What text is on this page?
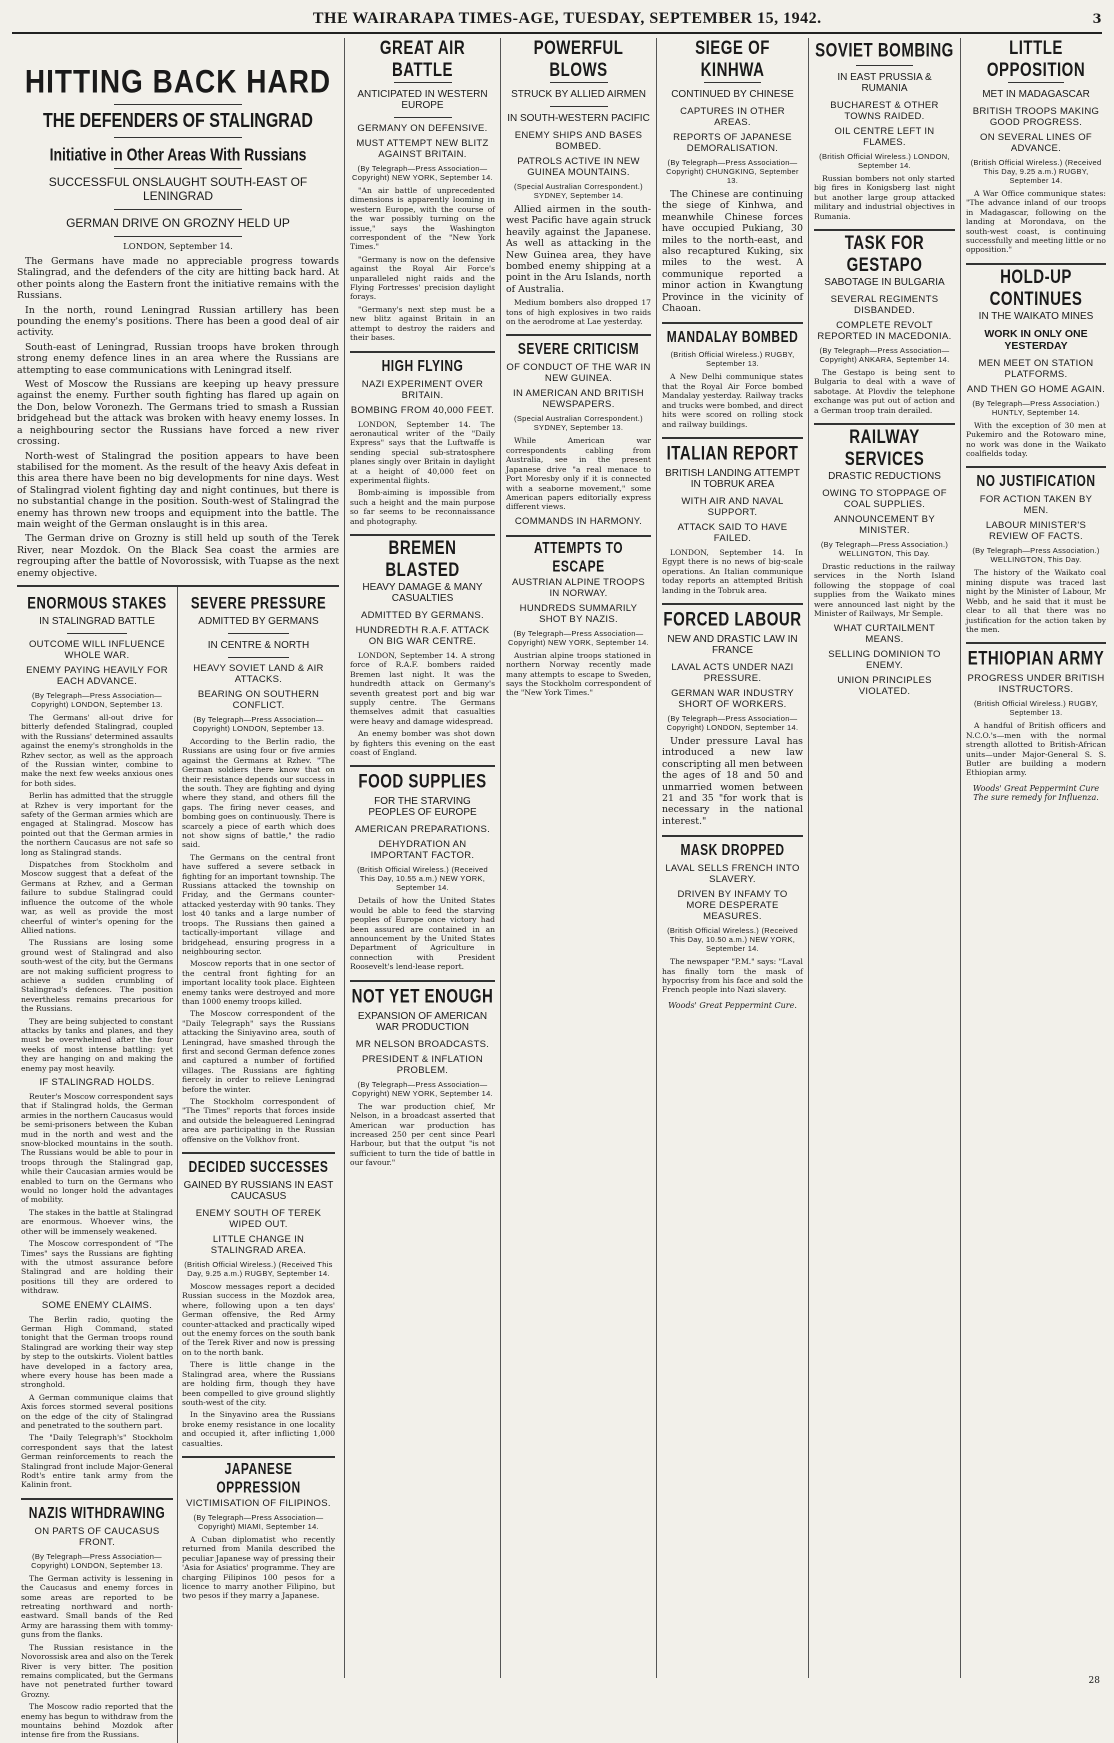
THE WAIRARAPA TIMES-AGE, TUESDAY, SEPTEMBER 15, 1942.	3
HITTING BACK HARD
THE DEFENDERS OF STALINGRAD
Initiative in Other Areas With Russians
SUCCESSFUL ONSLAUGHT SOUTH-EAST OF LENINGRAD
GERMAN DRIVE ON GROZNY HELD UP
LONDON, September 14.

The Germans have made no appreciable progress towards Stalingrad, and the defenders of the city are hitting back hard. At other points along the Eastern front the initiative remains with the Russians.

In the north, round Leningrad Russian artillery has been pounding the enemy's positions. There has been a good deal of air activity.

South-east of Leningrad, Russian troops have broken through strong enemy defence lines in an area where the Russians are attempting to ease communications with Leningrad itself.

West of Moscow the Russians are keeping up heavy pressure against the enemy. Further south fighting has flared up again on the Don, below Voronezh. The Germans tried to smash a Russian bridgehead but the attack was broken with heavy enemy losses. In a neighbouring sector the Russians have forced a new river crossing.

North-west of Stalingrad the position appears to have been stabilised for the moment. As the result of the heavy Axis defeat in this area there have been no big developments for nine days. West of Stalingrad violent fighting day and night continues, but there is no substantial change in the position. South-west of Stalingrad the enemy has thrown new troops and equipment into the battle. The main weight of the German onslaught is in this area.

The German drive on Grozny is still held up south of the Terek River, near Mozdok. On the Black Sea coast the armies are regrouping after the battle of Novorossisk, with Tuapse as the next enemy objective.

ENORMOUS STAKES
IN STALINGRAD BATTLE
OUTCOME WILL INFLUENCE WHOLE WAR.
ENEMY PAYING HEAVILY FOR EACH ADVANCE.
(By Telegraph—Press Association—Copyright) LONDON, September 13.

The Germans' all-out drive for bitterly defended Stalingrad, coupled with the Russians' determined assaults against the enemy's strongholds in the Rzhev sector, as well as the approach of the Russian winter, combine to make the next few weeks anxious ones for both sides.

Berlin has admitted that the struggle at Rzhev is very important for the safety of the German armies which are engaged at Stalingrad. Moscow has pointed out that the German armies in the northern Caucasus are not safe so long as Stalingrad stands.

Dispatches from Stockholm and Moscow suggest that a defeat of the Germans at Rzhev, and a German failure to subdue Stalingrad could influence the outcome of the whole war, as well as provide the most cheerful of winter's opening for the Allied nations.

The Russians are losing some ground west of Stalingrad and also south-west of the city, but the Germans are not making sufficient progress to achieve a sudden crumbling of Stalingrad's defences. The position nevertheless remains precarious for the Russians.

They are being subjected to constant attacks by tanks and planes, and they must be overwhelmed after the four weeks of most intense battling: yet they are hanging on and making the enemy pay most heavily.

IF STALINGRAD HOLDS.

Reuter's Moscow correspondent says that if Stalingrad holds, the German armies in the northern Caucasus would be semi-prisoners between the Kuban mud in the north and west and the snow-blocked mountains in the south. The Russians would be able to pour in troops through the Stalingrad gap, while their Caucasian armies would be enabled to turn on the Germans who would no longer hold the advantages of mobility.

The stakes in the battle at Stalingrad are enormous. Whoever wins, the other will be immensely weakened.

The Moscow correspondent of "The Times" says the Russians are fighting with the utmost assurance before Stalingrad and are holding their positions till they are ordered to withdraw.

SOME ENEMY CLAIMS.

The Berlin radio, quoting the German High Command, stated tonight that the German troops round Stalingrad are working their way step by step to the outskirts. Violent battles have developed in a factory area, where every house has been made a stronghold.

A German communique claims that Axis forces stormed several positions on the edge of the city of Stalingrad and penetrated to the southern part.

The "Daily Telegraph's" Stockholm correspondent says that the latest German reinforcements to reach the Stalingrad front include Major-General Rodt's entire tank army from the Kalinin front.

NAZIS WITHDRAWING
ON PARTS OF CAUCASUS FRONT.
(By Telegraph—Press Association—Copyright) LONDON, September 13.

The German activity is lessening in the Caucasus and enemy forces in some areas are reported to be retreating northward and north-eastward. Small bands of the Red Army are harassing them with tommy-guns from the flanks.

The Russian resistance in the Novorossisk area and also on the Terek River is very bitter. The position remains complicated, but the Germans have not penetrated further toward Grozny.

The Moscow radio reported that the enemy has begun to withdraw from the mountains behind Mozdok after intense fire from the Russians.

SEVERE PRESSURE
ADMITTED BY GERMANS
IN CENTRE & NORTH
HEAVY SOVIET LAND & AIR ATTACKS.
BEARING ON SOUTHERN CONFLICT.
(By Telegraph—Press Association—Copyright) LONDON, September 13.

According to the Berlin radio, the Russians are using four or five armies against the Germans at Rzhev. "The German soldiers there know that on their resistance depends our success in the south. They are fighting and dying where they stand, and others fill the gaps. The firing never ceases, and bombing goes on continuously. There is scarcely a piece of earth which does not show signs of battle," the radio said.

The Germans on the central front have suffered a severe setback in fighting for an important township. The Russians attacked the township on Friday, and the Germans counter-attacked yesterday with 90 tanks. They lost 40 tanks and a large number of troops. The Russians then gained a tactically-important village and bridgehead, ensuring progress in a neighbouring sector.

Moscow reports that in one sector of the central front fighting for an important locality took place. Eighteen enemy tanks were destroyed and more than 1000 enemy troops killed.

The Moscow correspondent of the "Daily Telegraph" says the Russians attacking the Siniyavino area, south of Leningrad, have smashed through the first and second German defence zones and captured a number of fortified villages. The Russians are fighting fiercely in order to relieve Leningrad before the winter.

The Stockholm correspondent of "The Times" reports that forces inside and outside the beleaguered Leningrad area are participating in the Russian offensive on the Volkhov front.

DECIDED SUCCESSES
GAINED BY RUSSIANS IN EAST CAUCASUS
ENEMY SOUTH OF TEREK WIPED OUT.
LITTLE CHANGE IN STALINGRAD AREA.
(British Official Wireless.) (Received This Day, 9.25 a.m.) RUGBY, September 14.

Moscow messages report a decided Russian success in the Mozdok area, where, following upon a ten days' German offensive, the Red Army counter-attacked and practically wiped out the enemy forces on the south bank of the Terek River and now is pressing on to the north bank.

There is little change in the Stalingrad area, where the Russians are holding firm, though they have been compelled to give ground slightly south-west of the city.

In the Sinyavino area the Russians broke enemy resistance in one locality and occupied it, after inflicting 1,000 casualties.

JAPANESE OPPRESSION
VICTIMISATION OF FILIPINOS.
(By Telegraph—Press Association—Copyright) MIAMI, September 14.

A Cuban diplomatist who recently returned from Manila described the peculiar Japanese way of pressing their 'Asia for Asiatics' programme. They are charging Filipinos 100 pesos for a licence to marry another Filipino, but two pesos if they marry a Japanese.

GREAT AIR BATTLE
ANTICIPATED IN WESTERN EUROPE
GERMANY ON DEFENSIVE.
MUST ATTEMPT NEW BLITZ AGAINST BRITAIN.
(By Telegraph—Press Association—Copyright) NEW YORK, September 14.

"An air battle of unprecedented dimensions is apparently looming in western Europe, with the course of the war possibly turning on the issue," says the Washington correspondent of the "New York Times."

"Germany is now on the defensive against the Royal Air Force's unparalleled night raids and the Flying Fortresses' precision daylight forays.

"Germany's next step must be a new blitz against Britain in an attempt to destroy the raiders and their bases.

HIGH FLYING
NAZI EXPERIMENT OVER BRITAIN.
BOMBING FROM 40,000 FEET.

LONDON, September 14. The aeronautical writer of the "Daily Express" says that the Luftwaffe is sending special sub-stratosphere planes singly over Britain in daylight at a height of 40,000 feet on experimental flights.

Bomb-aiming is impossible from such a height and the main purpose so far seems to be reconnaissance and photography.

BREMEN BLASTED
HEAVY DAMAGE & MANY CASUALTIES
ADMITTED BY GERMANS.
HUNDREDTH R.A.F. ATTACK ON BIG WAR CENTRE.

LONDON, September 14. A strong force of R.A.F. bombers raided Bremen last night. It was the hundredth attack on Germany's seventh greatest port and big war supply centre. The Germans themselves admit that casualties were heavy and damage widespread.

An enemy bomber was shot down by fighters this evening on the east coast of England.

FOOD SUPPLIES
FOR THE STARVING PEOPLES OF EUROPE
AMERICAN PREPARATIONS.
DEHYDRATION AN IMPORTANT FACTOR.
(British Official Wireless.) (Received This Day, 10.55 a.m.) NEW YORK, September 14.

Details of how the United States would be able to feed the starving peoples of Europe once victory had been assured are contained in an announcement by the United States Department of Agriculture in connection with President Roosevelt's lend-lease report.

NOT YET ENOUGH
EXPANSION OF AMERICAN WAR PRODUCTION
MR NELSON BROADCASTS.
PRESIDENT & INFLATION PROBLEM.
(By Telegraph—Press Association—Copyright) NEW YORK, September 14.

The war production chief, Mr Nelson, in a broadcast asserted that American war production has increased 250 per cent since Pearl Harbour, but that the output "is not sufficient to turn the tide of battle in our favour."

POWERFUL BLOWS
STRUCK BY ALLIED AIRMEN
IN SOUTH-WESTERN PACIFIC
ENEMY SHIPS AND BASES BOMBED.
PATROLS ACTIVE IN NEW GUINEA MOUNTAINS.
(Special Australian Correspondent.) SYDNEY, September 14.

Allied airmen in the south-west Pacific have again struck heavily against the Japanese. As well as attacking in the New Guinea area, they have bombed enemy shipping at a point in the Aru Islands, north of Australia.

Medium bombers also dropped 17 tons of high explosives in two raids on the aerodrome at Lae yesterday.

SEVERE CRITICISM
OF CONDUCT OF THE WAR IN NEW GUINEA.
IN AMERICAN AND BRITISH NEWSPAPERS.
(Special Australian Correspondent.) SYDNEY, September 13.

While American war correspondents cabling from Australia, see in the present Japanese drive "a real menace to Port Moresby only if it is connected with a seaborne movement," some American papers editorially express different views.

COMMANDS IN HARMONY.
ATTEMPTS TO ESCAPE
AUSTRIAN ALPINE TROOPS IN NORWAY.
HUNDREDS SUMMARILY SHOT BY NAZIS.
(By Telegraph—Press Association—Copyright) NEW YORK, September 14.

Austrian alpine troops stationed in northern Norway recently made many attempts to escape to Sweden, says the Stockholm correspondent of the "New York Times."

SIEGE OF KINHWA
CONTINUED BY CHINESE
CAPTURES IN OTHER AREAS.
REPORTS OF JAPANESE DEMORALISATION.
(By Telegraph—Press Association—Copyright) CHUNGKING, September 13.

The Chinese are continuing the siege of Kinhwa, and meanwhile Chinese forces have occupied Pukiang, 30 miles to the north-east, and also recaptured Kuking, six miles to the west. A communique reported a minor action in Kwangtung Province in the vicinity of Chaoan.

MANDALAY BOMBED
(British Official Wireless.) RUGBY, September 13.

A New Delhi communique states that the Royal Air Force bombed Mandalay yesterday. Railway tracks and trucks were bombed, and direct hits were scored on rolling stock and railway buildings.

ITALIAN REPORT
BRITISH LANDING ATTEMPT IN TOBRUK AREA
WITH AIR AND NAVAL SUPPORT.
ATTACK SAID TO HAVE FAILED.

LONDON, September 14. In Egypt there is no news of big-scale operations. An Italian communique today reports an attempted British landing in the Tobruk area.

FORCED LABOUR
NEW AND DRASTIC LAW IN FRANCE
LAVAL ACTS UNDER NAZI PRESSURE.
GERMAN WAR INDUSTRY SHORT OF WORKERS.
(By Telegraph—Press Association—Copyright) LONDON, September 14.

Under pressure Laval has introduced a new law conscripting all men between the ages of 18 and 50 and unmarried women between 21 and 35 "for work that is necessary in the national interest."

MASK DROPPED
LAVAL SELLS FRENCH INTO SLAVERY.
DRIVEN BY INFAMY TO MORE DESPERATE MEASURES.
(British Official Wireless.) (Received This Day, 10.50 a.m.) NEW YORK, September 14.

The newspaper "P.M." says: "Laval has finally torn the mask of hypocrisy from his face and sold the French people into Nazi slavery.

Woods' Great Peppermint Cure.
SOVIET BOMBING
IN EAST PRUSSIA & RUMANIA
BUCHAREST & OTHER TOWNS RAIDED.
OIL CENTRE LEFT IN FLAMES.
(British Official Wireless.) LONDON, September 14.

Russian bombers not only started big fires in Konigsberg last night but another large group attacked military and industrial objectives in Rumania.

TASK FOR GESTAPO
SABOTAGE IN BULGARIA
SEVERAL REGIMENTS DISBANDED.
COMPLETE REVOLT REPORTED IN MACEDONIA.
(By Telegraph—Press Association—Copyright) ANKARA, September 14.

The Gestapo is being sent to Bulgaria to deal with a wave of sabotage. At Plovdiv the telephone exchange was put out of action and a German troop train derailed.

RAILWAY SERVICES
DRASTIC REDUCTIONS
OWING TO STOPPAGE OF COAL SUPPLIES.
ANNOUNCEMENT BY MINISTER.
(By Telegraph—Press Association.) WELLINGTON, This Day.

Drastic reductions in the railway services in the North Island following the stoppage of coal supplies from the Waikato mines were announced last night by the Minister of Railways, Mr Semple.

WHAT CURTAILMENT MEANS.
SELLING DOMINION TO ENEMY.
UNION PRINCIPLES VIOLATED.
LITTLE OPPOSITION
MET IN MADAGASCAR
BRITISH TROOPS MAKING GOOD PROGRESS.
ON SEVERAL LINES OF ADVANCE.
(British Official Wireless.) (Received This Day, 9.25 a.m.) RUGBY, September 14.

A War Office communique states: "The advance inland of our troops in Madagascar, following on the landing at Morondava, on the south-west coast, is continuing successfully and meeting little or no opposition."

HOLD-UP CONTINUES
IN THE WAIKATO MINES
WORK IN ONLY ONE YESTERDAY
MEN MEET ON STATION PLATFORMS.
AND THEN GO HOME AGAIN.
(By Telegraph—Press Association.) HUNTLY, September 14.

With the exception of 30 men at Pukemiro and the Rotowaro mine, no work was done in the Waikato coalfields today.

NO JUSTIFICATION
FOR ACTION TAKEN BY MEN.
LABOUR MINISTER'S REVIEW OF FACTS.
(By Telegraph—Press Association.) WELLINGTON, This Day.

The history of the Waikato coal mining dispute was traced last night by the Minister of Labour, Mr Webb, and he said that it must be clear to all that there was no justification for the action taken by the men.

ETHIOPIAN ARMY
PROGRESS UNDER BRITISH INSTRUCTORS.
(British Official Wireless.) RUGBY, September 13.

A handful of British officers and N.C.O.'s—men with the normal strength allotted to British-African units—under Major-General S. S. Butler are building a modern Ethiopian army.

Woods' Great Peppermint Cure The sure remedy for Influenza.
28
